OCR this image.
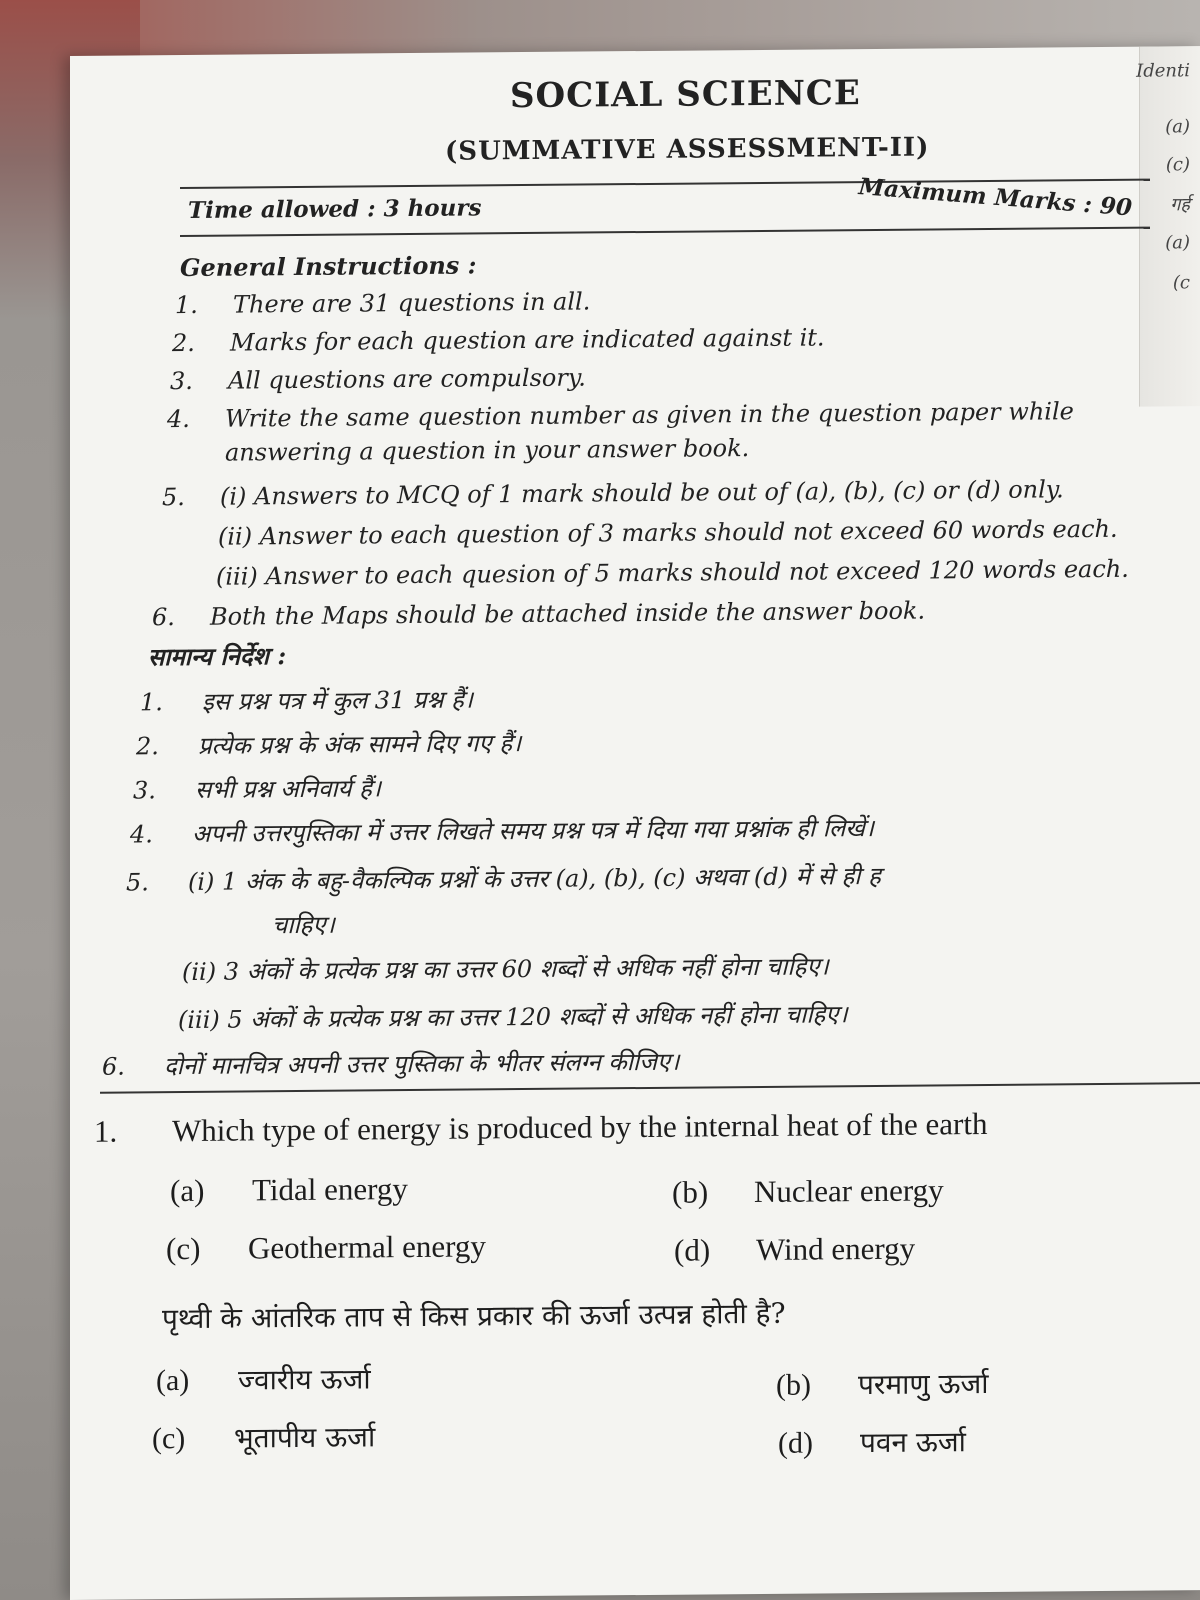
Identi
(a)
(c)
गर्ह
(a)
(c
SOCIAL SCIENCE
(SUMMATIVE ASSESSMENT-II)
Time allowed : 3 hours	Maximum Marks : 90
General Instructions :
1. There are 31 questions in all.
2. Marks for each question are indicated against it.
3. All questions are compulsory.
4. Write the same question number as given in the question paper while
answering a question in your answer book.
5. (i) Answers to MCQ of 1 mark should be out of (a), (b), (c) or (d) only.
(ii) Answer to each question of 3 marks should not exceed 60 words each.
(iii) Answer to each quesion of 5 marks should not exceed 120 words each.
6. Both the Maps should be attached inside the answer book.
सामान्य निर्देश :
1. इस प्रश्न पत्र में कुल 31 प्रश्न हैं।
2. प्रत्येक प्रश्न के अंक सामने दिए गए हैं।
3. सभी प्रश्न अनिवार्य हैं।
4. अपनी उत्तरपुस्तिका में उत्तर लिखते समय प्रश्न पत्र में दिया गया प्रश्नांक ही लिखें।
5. (i) 1 अंक के बहु-वैकल्पिक प्रश्नों के उत्तर (a), (b), (c) अथवा (d) में से ही ह
चाहिए।
(ii) 3 अंकों के प्रत्येक प्रश्न का उत्तर 60 शब्दों से अधिक नहीं होना चाहिए।
(iii) 5 अंकों के प्रत्येक प्रश्न का उत्तर 120 शब्दों से अधिक नहीं होना चाहिए।
6. दोनों मानचित्र अपनी उत्तर पुस्तिका के भीतर संलग्न कीजिए।
1. Which type of energy is produced by the internal heat of the earth
(a) Tidal energy	(b) Nuclear energy
(c) Geothermal energy	(d) Wind energy
पृथ्वी के आंतरिक ताप से किस प्रकार की ऊर्जा उत्पन्न होती है?
(a) ज्वारीय ऊर्जा	(b) परमाणु ऊर्जा
(c) भूतापीय ऊर्जा	(d) पवन ऊर्जा
